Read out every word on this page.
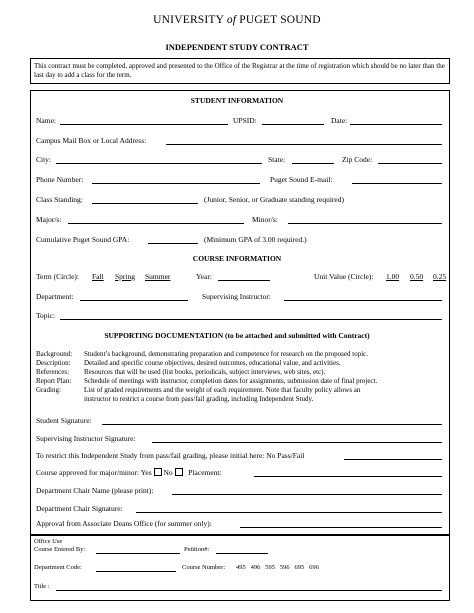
UNIVERSITY of PUGET SOUND
INDEPENDENT STUDY CONTRACT
This contract must be completed, approved and presented to the Office of the Registrar at the time of registration which should be no later than the last day to add a class for the term.
STUDENT INFORMATION
Name:	UPSID:	Date:
Campus Mail Box or Local Address:
City:	State:	Zip Code:
Phone Number:	Puget Sound E-mail:
Class Standing:	(Junior, Senior, or Graduate standing required)
Major/s:	Minor/s:
Cumulative Puget Sound GPA:	(Minimum GPA of 3.00 required.)
COURSE INFORMATION
Term (Circle): Fall Spring Summer	Year:	Unit Value (Circle): 1.00 0.50 0.25
Department:	Supervising Instructor:
Topic:
SUPPORTING DOCUMENTATION (to be attached and submitted with Contract)
Background: Student’s background, demonstrating preparation and competence for research on the proposed topic.
Description: Detailed and specific course objectives, desired outcomes, educational value, and activities.
References: Resources that will be used (list books, periodicals, subject interviews, web sites, etc).
Report Plan: Schedule of meetings with instructor, completion dates for assignments, submission date of final project.
Grading:	List of graded requirements and the weight of each requirement. Note that faculty policy allows an
instructor to restrict a course from pass/fail grading, including Independent Study.
Student Signature:
Supervising Instructor Signature:
To restrict this Independent Study from pass/fail grading, please initial here: No Pass/Fail
Course approved for major/minor: Yes No Placement:
Department Chair Name (please print):
Department Chair Signature:
Approval from Associate Deans Office (for summer only):
Office Use
Course Entered By:	Petition#:
Department Code:	Course Number: 495   496   595   596   695   696
Title :
